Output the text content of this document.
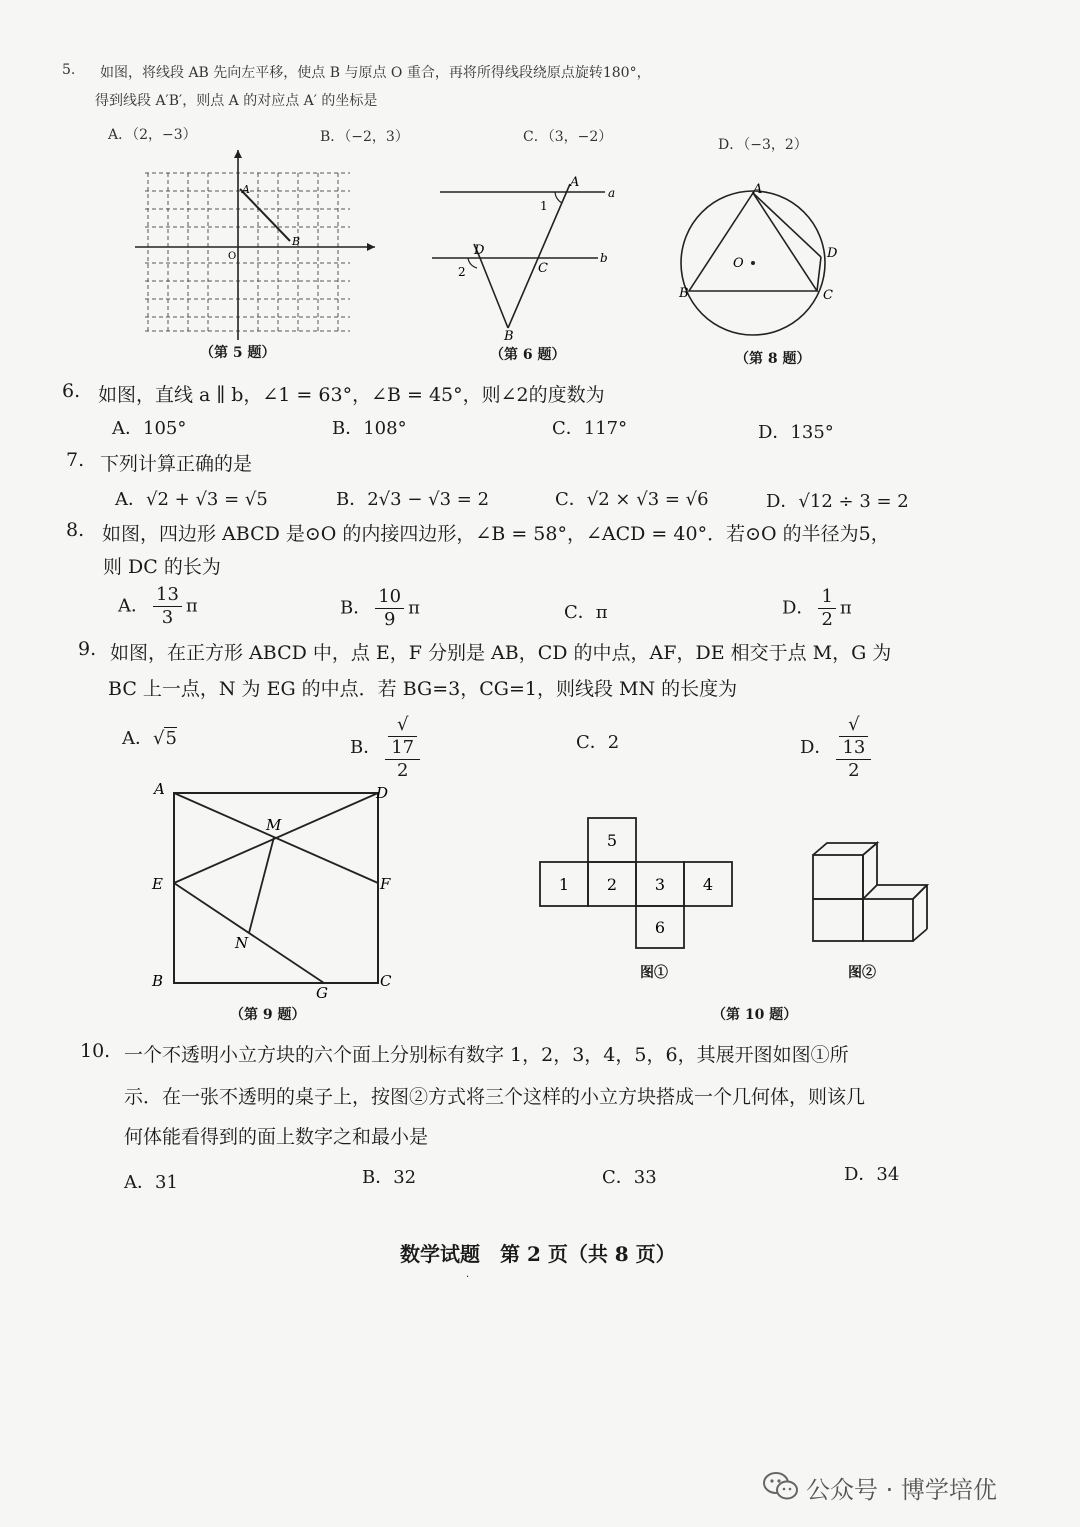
5. 如图，将线段 AB 先向左平移，使点 B 与原点 O 重合，再将所得线段绕原点旋转180°，
得到线段 A′B′，则点 A 的对应点 A′ 的坐标是
A．（2，−3）	B．（−2，3）	C．（3，−2）	D．（−3，2）
A
B
O
（第 5 题）
A
a
b
1
D
2	C
B
（第 6 题）
A
O
B	C
D
（第 8 题）
6. 如图，直线 a ∥ b，∠1 = 63°，∠B = 45°，则∠2的度数为
A．105°	B．108°	C．117°	D．135°
7. 下列计算正确的是
A．√2 + √3 = √5	B．2√3 − √3 = 2	C．√2 × √3 = √6	D．√12 ÷ 3 = 2
8. 如图，四边形 ABCD 是⊙O 的内接四边形，∠B = 58°，∠ACD = 40°．若⊙O 的半径为5，
则 DC 的长为
A． $\frac{13}{3}$ π	B． $\frac{10}{9}$ π	C．π	D． $\frac{1}{2}$ π
9. 如图，在正方形 ABCD 中，点 E，F 分别是 AB，CD 的中点，AF，DE 相交于点 M，G 为
BC 上一点，N 为 EG 的中点．若 BG=3，CG=1，则线段 MN 的长度为
A．√5	B． √
17
2	C．2	D． √
13
2
A	D
M
E	F
N
B	C
G
（第 9 题）
5
1 2 3 4
6
图①	图②
（第 10 题）
10. 一个不透明小立方块的六个面上分别标有数字 1，2，3，4，5，6，其展开图如图①所
示．在一张不透明的桌子上，按图②方式将三个这样的小立方块搭成一个几何体，则该几
何体能看得到的面上数字之和最小是
A．31	B．32	C．33	D．34
数学试题　第 2 页（共 8 页）
·
公众号 · 博学培优
